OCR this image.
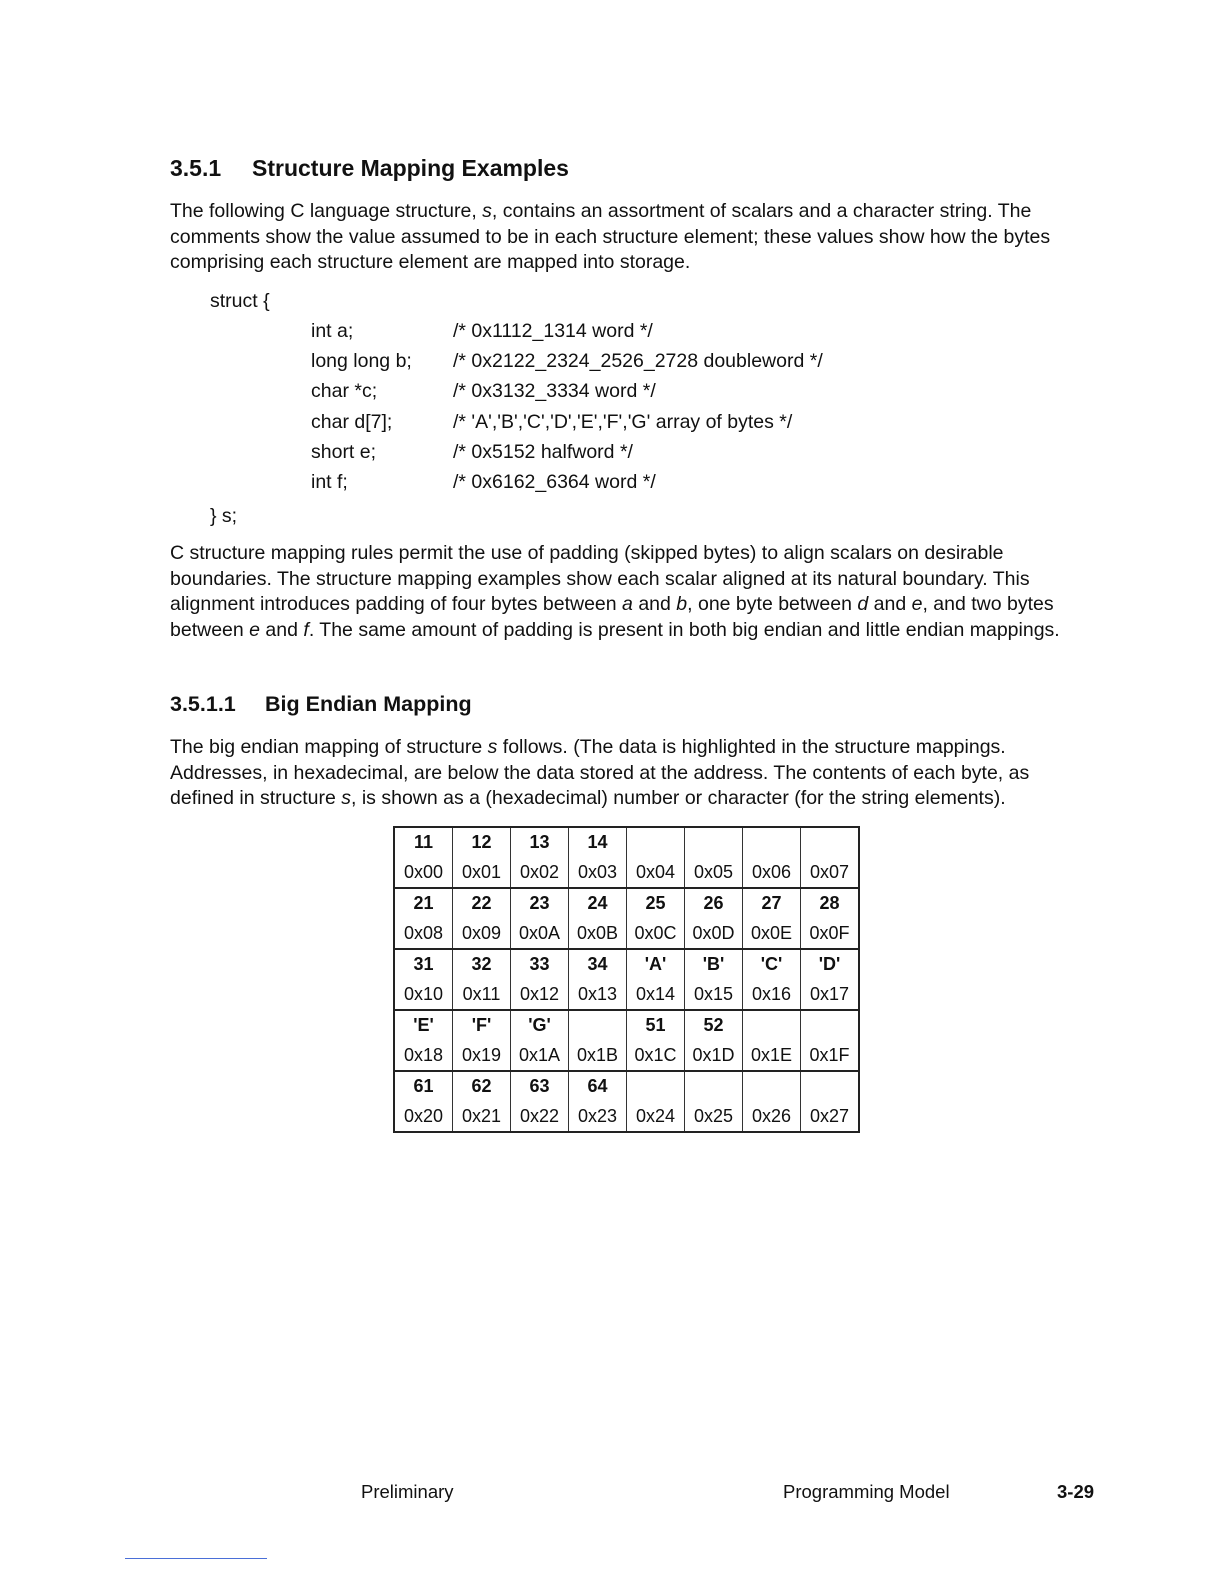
3.5.1 Structure Mapping Examples

The following C language structure, s, contains an assortment of scalars and a character string. The comments show the value assumed to be in each structure element; these values show how the bytes comprising each structure element are mapped into storage.

struct {
int a;	/* 0x1112_1314 word */
long long b; /* 0x2122_2324_2526_2728 doubleword */
char *c;	/* 0x3132_3334 word */
char d[7];	/* 'A','B','C','D','E','F','G' array of bytes */
short e;	/* 0x5152 halfword */
int f;	/* 0x6162_6364 word */
} s;

C structure mapping rules permit the use of padding (skipped bytes) to align scalars on desirable boundaries. The structure mapping examples show each scalar aligned at its natural boundary. This alignment introduces padding of four bytes between a and b, one byte between d and e, and two bytes between e and f. The same amount of padding is present in both big endian and little endian mappings.

3.5.1.1 Big Endian Mapping

The big endian mapping of structure s follows. (The data is highlighted in the structure mappings. Addresses, in hexadecimal, are below the data stored at the address. The contents of each byte, as defined in structure s, is shown as a (hexadecimal) number or character (for the string elements).

11	12	13	14				
0x00	0x01	0x02	0x03	0x04	0x05	0x06	0x07
21	22	23	24	25	26	27	28
0x08	0x09	0x0A	0x0B	0x0C	0x0D	0x0E	0x0F
31	32	33	34	'A'	'B'	'C'	'D'
0x10	0x11	0x12	0x13	0x14	0x15	0x16	0x17
'E'	'F'	'G'		51	52		
0x18	0x19	0x1A	0x1B	0x1C	0x1D	0x1E	0x1F
61	62	63	64				
0x20	0x21	0x22	0x23	0x24	0x25	0x26	0x27
Preliminary	Programming Model	3-29
